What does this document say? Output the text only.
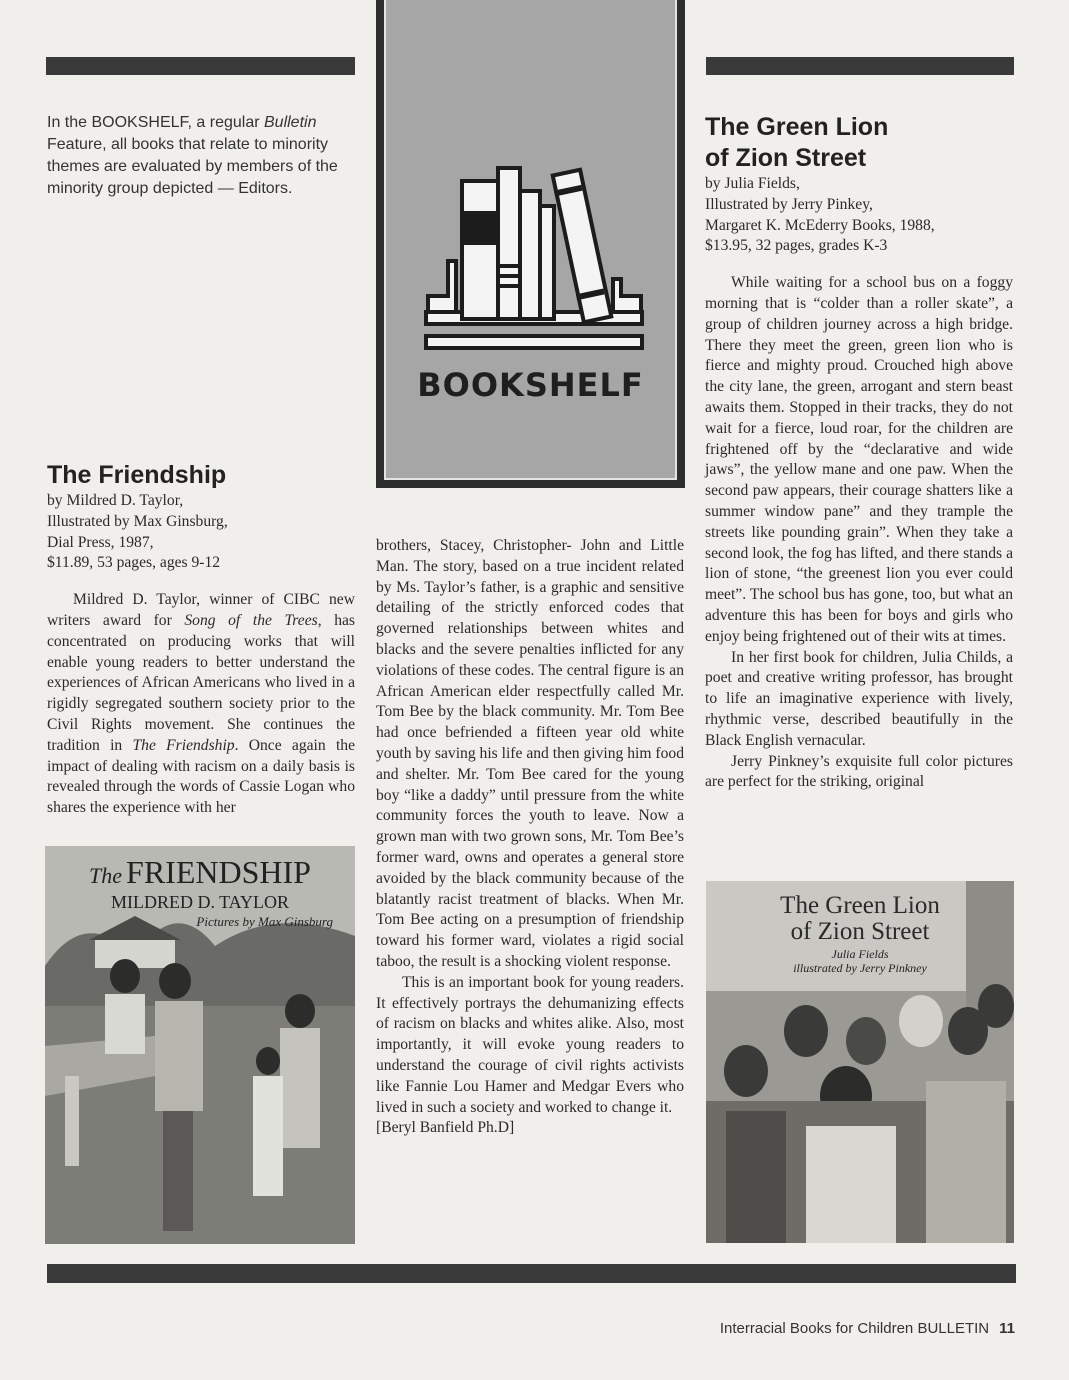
In the BOOKSHELF, a regular Bulletin Feature, all books that relate to minority themes are evaluated by members of the minority group depicted — Editors.
BOOKSHELF
The Friendship
by Mildred D. Taylor,
Illustrated by Max Ginsburg,
Dial Press, 1987,
$11.89, 53 pages, ages 9-12

Mildred D. Taylor, winner of CIBC new writers award for Song of the Trees, has concentrated on producing works that will enable young readers to better understand the experiences of African Americans who lived in a rigidly segregated southern society prior to the Civil Rights movement. She continues the tradition in The Friendship. Once again the impact of dealing with racism on a daily basis is revealed through the words of Cassie Logan who shares the experience with her

The FRIENDSHIP
MILDRED D. TAYLOR
Pictures by Max Ginsburg

brothers, Stacey, Christopher- John and Little Man. The story, based on a true incident related by Ms. Taylor’s father, is a graphic and sensitive detailing of the strictly enforced codes that governed relationships between whites and blacks and the severe penalties inflicted for any violations of these codes. The central figure is an African American elder respectfully called Mr. Tom Bee by the black community. Mr. Tom Bee had once befriended a fifteen year old white youth by saving his life and then giving him food and shelter. Mr. Tom Bee cared for the young boy “like a daddy” until pressure from the white community forces the youth to leave. Now a grown man with two grown sons, Mr. Tom Bee’s former ward, owns and operates a general store avoided by the black community because of the blatantly racist treatment of blacks. When Mr. Tom Bee acting on a presumption of friendship toward his former ward, violates a rigid social taboo, the result is a shocking violent response.

This is an important book for young readers. It effectively portrays the dehumanizing effects of racism on blacks and whites alike. Also, most importantly, it will evoke young readers to understand the courage of civil rights activists like Fannie Lou Hamer and Medgar Evers who lived in such a society and worked to change it.

[Beryl Banfield Ph.D]

The Green Lion
of Zion Street
by Julia Fields,
Illustrated by Jerry Pinkey,
Margaret K. McEderry Books, 1988,
$13.95, 32 pages, grades K-3

While waiting for a school bus on a foggy morning that is “colder than a roller skate”, a group of children journey across a high bridge. There they meet the green, green lion who is fierce and mighty proud. Crouched high above the city lane, the green, arrogant and stern beast awaits them. Stopped in their tracks, they do not wait for a fierce, loud roar, for the children are frightened off by the “declarative and wide jaws”, the yellow mane and one paw. When the second paw appears, their courage shatters like a summer window pane” and they trample the streets like pounding grain”. When they take a second look, the fog has lifted, and there stands a lion of stone, “the greenest lion you ever could meet”. The school bus has gone, too, but what an adventure this has been for boys and girls who enjoy being frightened out of their wits at times.

In her first book for children, Julia Childs, a poet and creative writing professor, has brought to life an imaginative experience with lively, rhythmic verse, described beautifully in the Black English vernacular.

Jerry Pinkney’s exquisite full color pictures are perfect for the striking, original

The Green Lion
of Zion Street
Julia Fields
illustrated by Jerry Pinkney
Interracial Books for Children BULLETIN 11
